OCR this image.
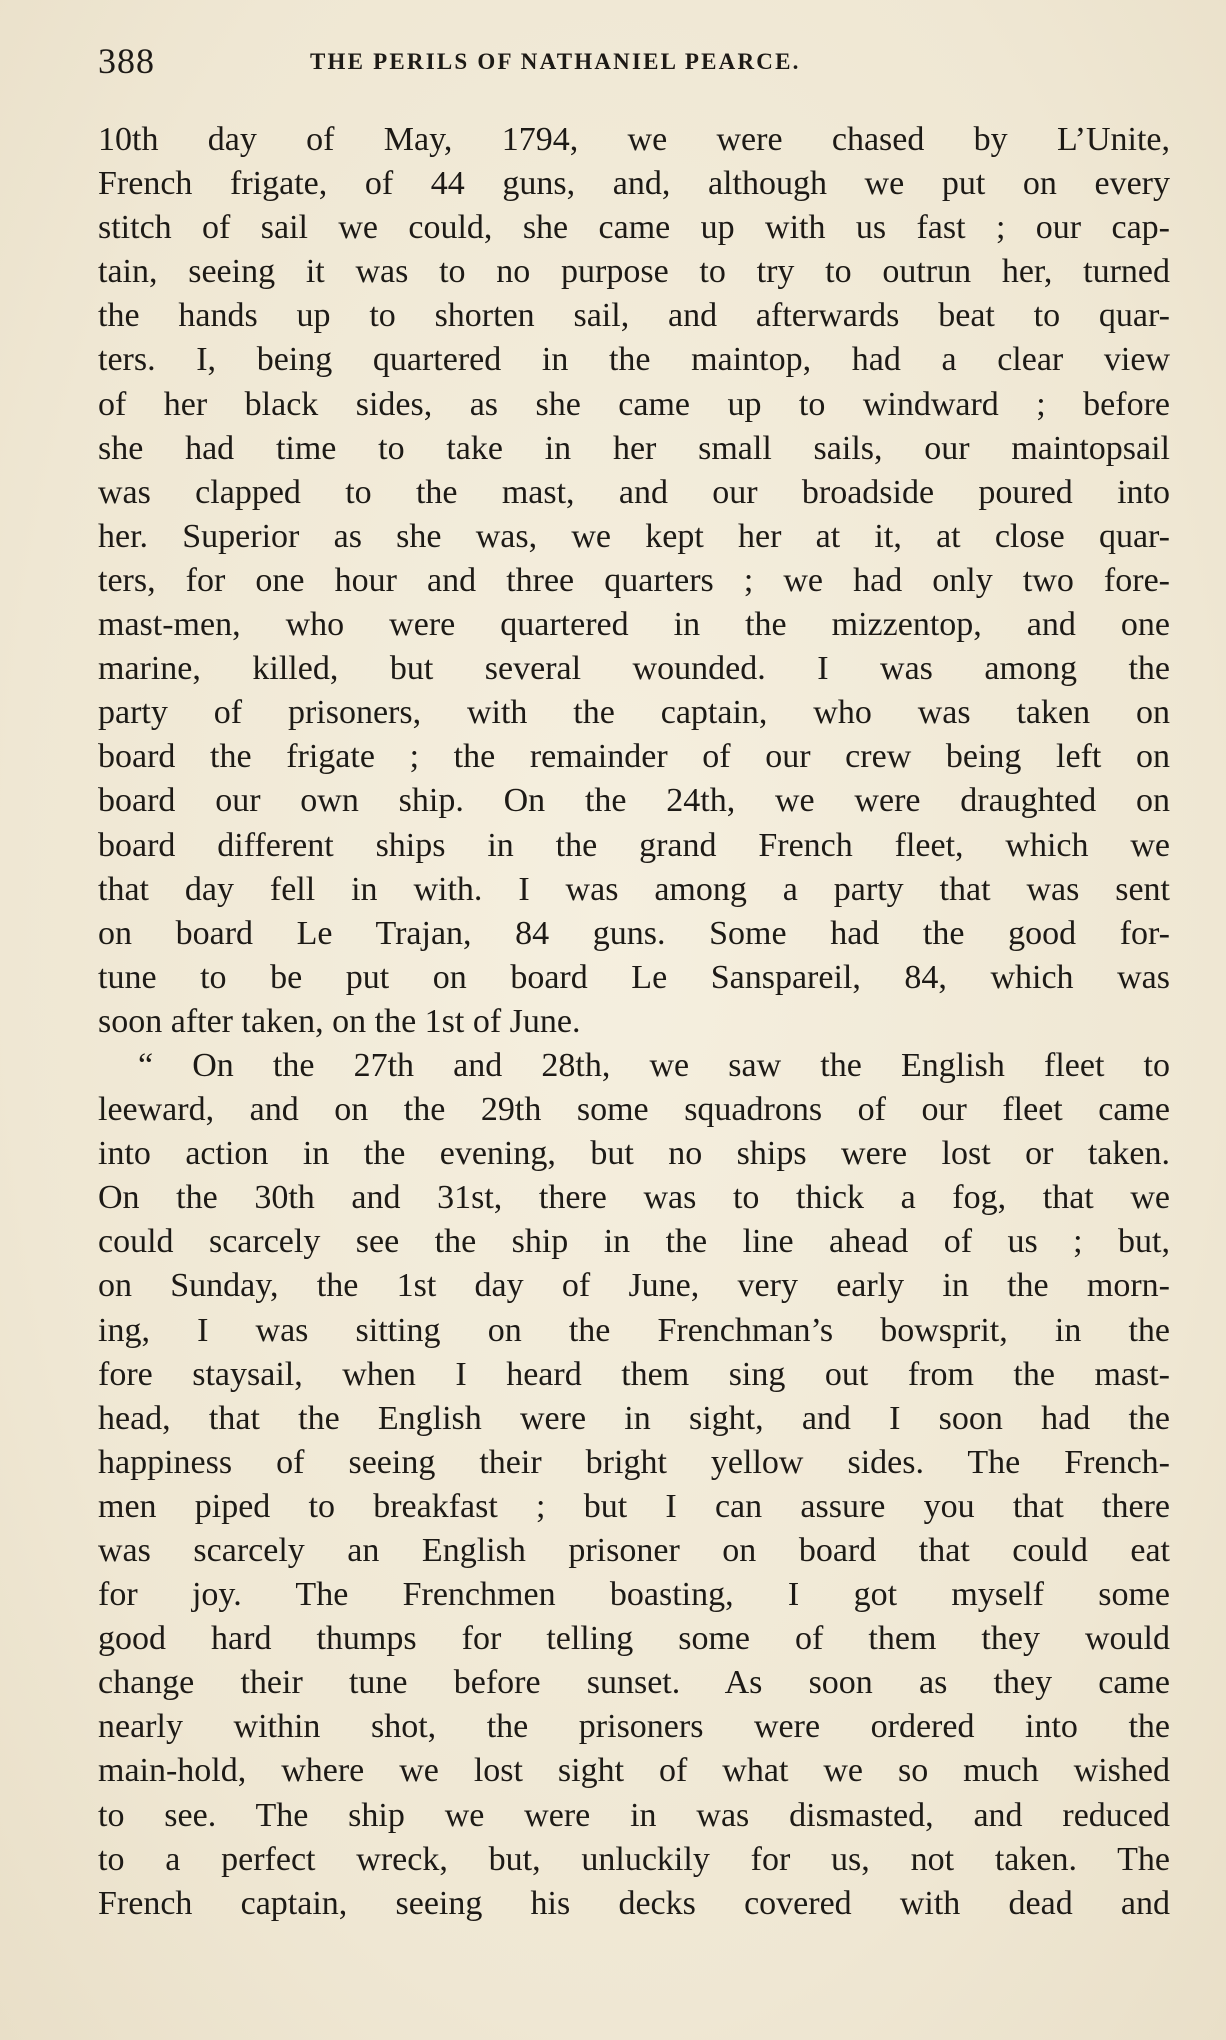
388	THE PERILS OF NATHANIEL PEARCE.
10th day of May, 1794, we were chased by L’Unite,
French frigate, of 44 guns, and, although we put on every
stitch of sail we could, she came up with us fast ; our cap-
tain, seeing it was to no purpose to try to outrun her, turned
the hands up to shorten sail, and afterwards beat to quar-
ters. I, being quartered in the maintop, had a clear view
of her black sides, as she came up to windward ; before
she had time to take in her small sails, our maintopsail
was clapped to the mast, and our broadside poured into
her. Superior as she was, we kept her at it, at close quar-
ters, for one hour and three quarters ; we had only two fore-
mast-men, who were quartered in the mizzentop, and one
marine, killed, but several wounded. I was among the
party of prisoners, with the captain, who was taken on
board the frigate ; the remainder of our crew being left on
board our own ship. On the 24th, we were draughted on
board different ships in the grand French fleet, which we
that day fell in with. I was among a party that was sent
on board Le Trajan, 84 guns. Some had the good for-
tune to be put on board Le Sanspareil, 84, which was
soon after taken, on the 1st of June.
“ On the 27th and 28th, we saw the English fleet to
leeward, and on the 29th some squadrons of our fleet came
into action in the evening, but no ships were lost or taken.
On the 30th and 31st, there was to thick a fog, that we
could scarcely see the ship in the line ahead of us ; but,
on Sunday, the 1st day of June, very early in the morn-
ing, I was sitting on the Frenchman’s bowsprit, in the
fore staysail, when I heard them sing out from the mast-
head, that the English were in sight, and I soon had the
happiness of seeing their bright yellow sides. The French-
men piped to breakfast ; but I can assure you that there
was scarcely an English prisoner on board that could eat
for joy. The Frenchmen boasting, I got myself some
good hard thumps for telling some of them they would
change their tune before sunset. As soon as they came
nearly within shot, the prisoners were ordered into the
main-hold, where we lost sight of what we so much wished
to see. The ship we were in was dismasted, and reduced
to a perfect wreck, but, unluckily for us, not taken. The
French captain, seeing his decks covered with dead and
